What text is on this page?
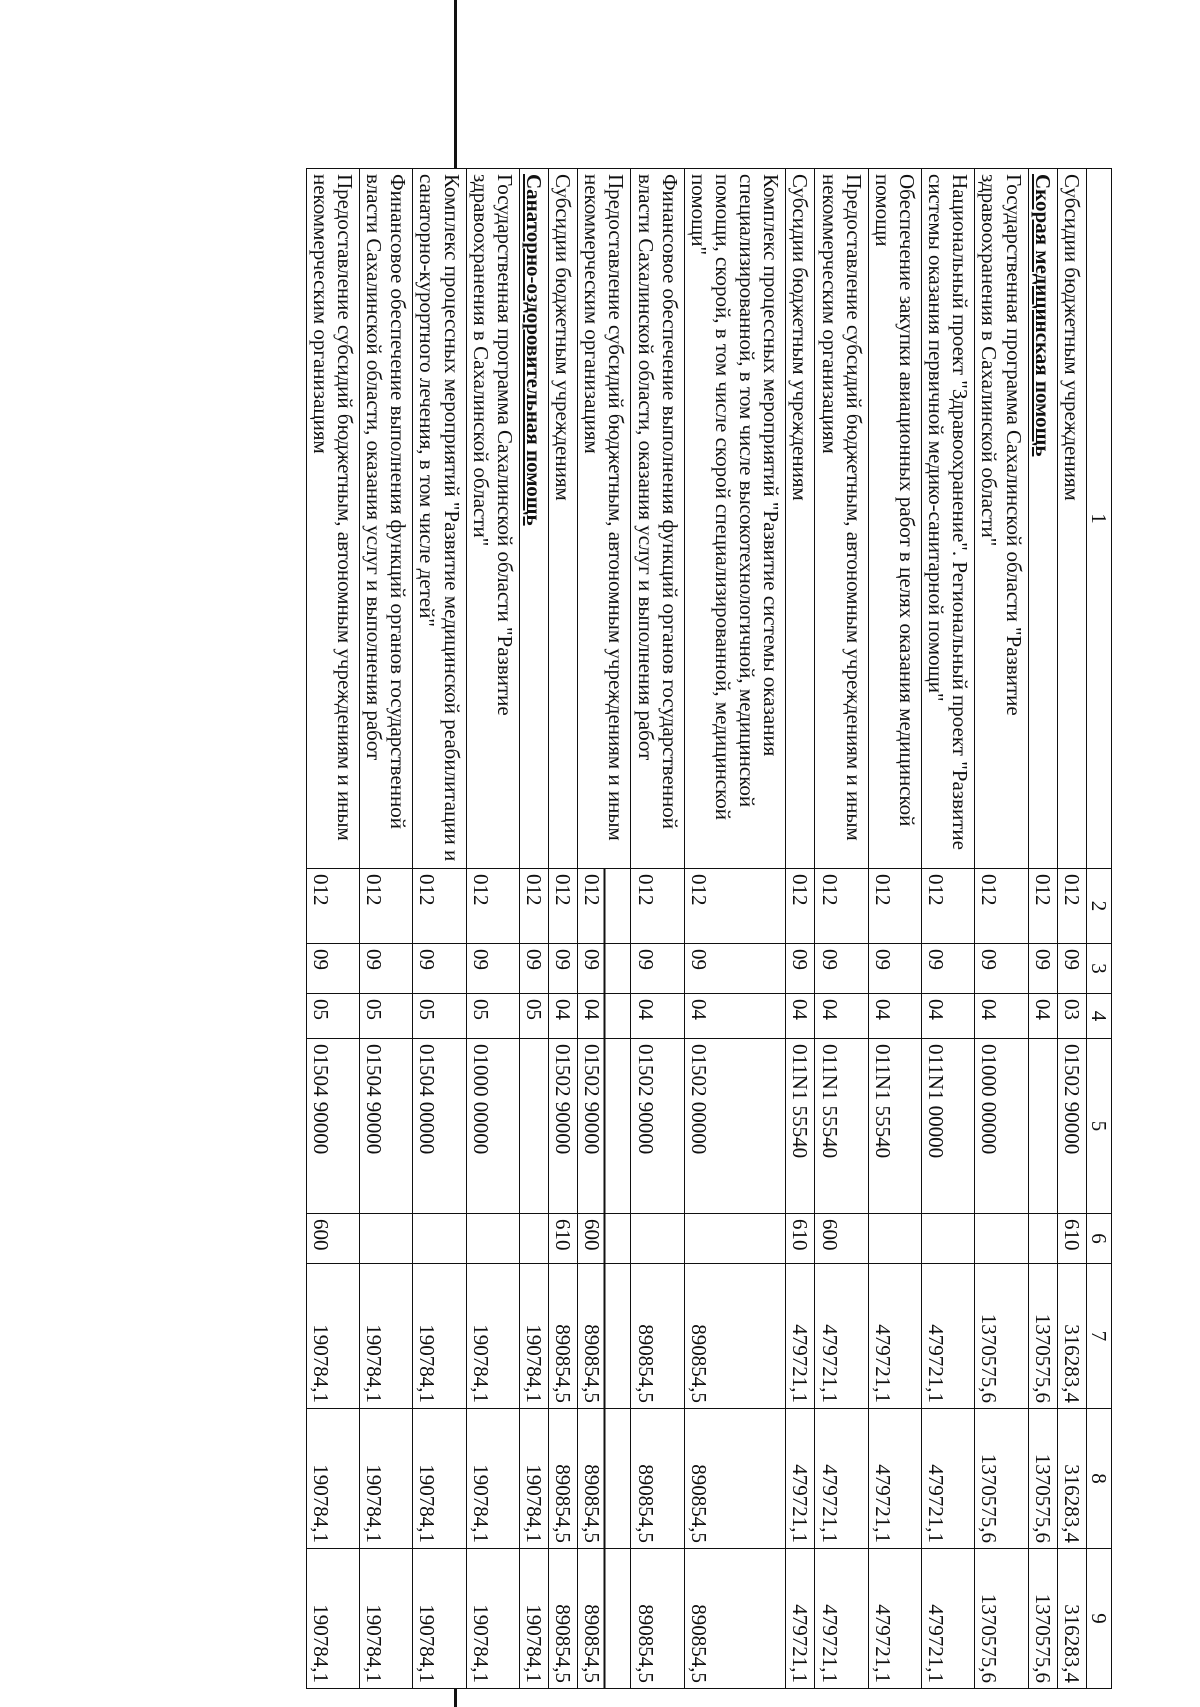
1	2	3	4	5	6	7	8	9
Субсидии бюджетным учреждениям	012	09	03	01502 90000	610	316283,4	316283,4	316283,4
Скорая медицинская помощь	012	09	04			1370575,6	1370575,6	1370575,6
Государственная программа Сахалинской области "Развитие здравоохранения в Сахалинской области"	012	09	04	01000 00000		1370575,6	1370575,6	1370575,6
Национальный проект "Здравоохранение". Региональный проект "Развитие системы оказания первичной медико-санитарной помощи"	012	09	04	011N1 00000		479721,1	479721,1	479721,1
Обеспечение закупки авиационных работ в целях оказания медицинской помощи	012	09	04	011N1 55540		479721,1	479721,1	479721,1
Предоставление субсидий бюджетным, автономным учреждениям и иным некоммерческим организациям	012	09	04	011N1 55540	600	479721,1	479721,1	479721,1
Субсидии бюджетным учреждениям	012	09	04	011N1 55540	610	479721,1	479721,1	479721,1
Комплекс процессных мероприятий "Развитие системы оказания специализированной, в том числе высокотехнологичной, медицинской помощи, скорой, в том числе скорой специализированной, медицинской помощи"	012	09	04	01502 00000		890854,5	890854,5	890854,5
Финансовое обеспечение выполнения функций органов государственной власти Сахалинской области, оказания услуг и выполнения работ	012	09	04	01502 90000		890854,5	890854,5	890854,5
Предоставление субсидий бюджетным, автономным учреждениям и иным некоммерческим организациям	012	09	04	01502 90000	600	890854,5	890854,5	890854,5
Субсидии бюджетным учреждениям	012	09	04	01502 90000	610	890854,5	890854,5	890854,5
Санаторно-оздоровительная помощь	012	09	05			190784,1	190784,1	190784,1
Государственная программа Сахалинской области "Развитие здравоохранения в Сахалинской области"	012	09	05	01000 00000		190784,1	190784,1	190784,1
Комплекс процессных мероприятий "Развитие медицинской реабилитации и санаторно-курортного лечения, в том числе детей"	012	09	05	01504 00000		190784,1	190784,1	190784,1
Финансовое обеспечение выполнения функций органов государственной власти Сахалинской области, оказания услуг и выполнения работ	012	09	05	01504 90000		190784,1	190784,1	190784,1
Предоставление субсидий бюджетным, автономным учреждениям и иным некоммерческим организациям	012	09	05	01504 90000	600	190784,1	190784,1	190784,1
